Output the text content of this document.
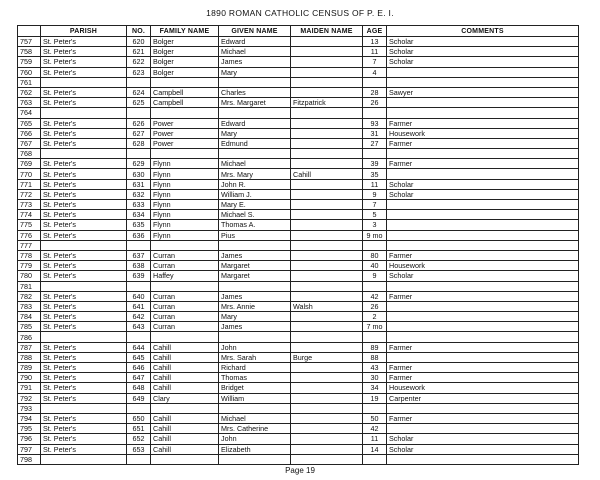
1890 ROMAN CATHOLIC CENSUS OF P. E. I.
	PARISH	NO.	FAMILY NAME	GIVEN NAME	MAIDEN NAME	AGE	COMMENTS
757	St. Peter's	620	Bolger	Edward		13	Scholar
758	St. Peter's	621	Bolger	Michael		11	Scholar
759	St. Peter's	622	Bolger	James		7	Scholar
760	St. Peter's	623	Bolger	Mary		4	
761							
762	St. Peter's	624	Campbell	Charles		28	Sawyer
763	St. Peter's	625	Campbell	Mrs. Margaret	Fitzpatrick	26	
764							
765	St. Peter's	626	Power	Edward		93	Farmer
766	St. Peter's	627	Power	Mary		31	Housework
767	St. Peter's	628	Power	Edmund		27	Farmer
768							
769	St. Peter's	629	Flynn	Michael		39	Farmer
770	St. Peter's	630	Flynn	Mrs. Mary	Cahill	35	
771	St. Peter's	631	Flynn	John R.		11	Scholar
772	St. Peter's	632	Flynn	William J.		9	Scholar
773	St. Peter's	633	Flynn	Mary E.		7	
774	St. Peter's	634	Flynn	Michael S.		5	
775	St. Peter's	635	Flynn	Thomas A.		3	
776	St. Peter's	636	Flynn	Pius		9 mo	
777							
778	St. Peter's	637	Curran	James		80	Farmer
779	St. Peter's	638	Curran	Margaret		40	Housework
780	St. Peter's	639	Haffey	Margaret		9	Scholar
781							
782	St. Peter's	640	Curran	James		42	Farmer
783	St. Peter's	641	Curran	Mrs. Annie	Walsh	26	
784	St. Peter's	642	Curran	Mary		2	
785	St. Peter's	643	Curran	James		7 mo	
786							
787	St. Peter's	644	Cahill	John		89	Farmer
788	St. Peter's	645	Cahill	Mrs. Sarah	Burge	88	
789	St. Peter's	646	Cahill	Richard		43	Farmer
790	St. Peter's	647	Cahill	Thomas		30	Farmer
791	St. Peter's	648	Cahill	Bridget		34	Housework
792	St. Peter's	649	Clary	William		19	Carpenter
793							
794	St. Peter's	650	Cahill	Michael		50	Farmer
795	St. Peter's	651	Cahill	Mrs. Catherine		42	
796	St. Peter's	652	Cahill	John		11	Scholar
797	St. Peter's	653	Cahill	Elizabeth		14	Scholar
798							
Page 19
